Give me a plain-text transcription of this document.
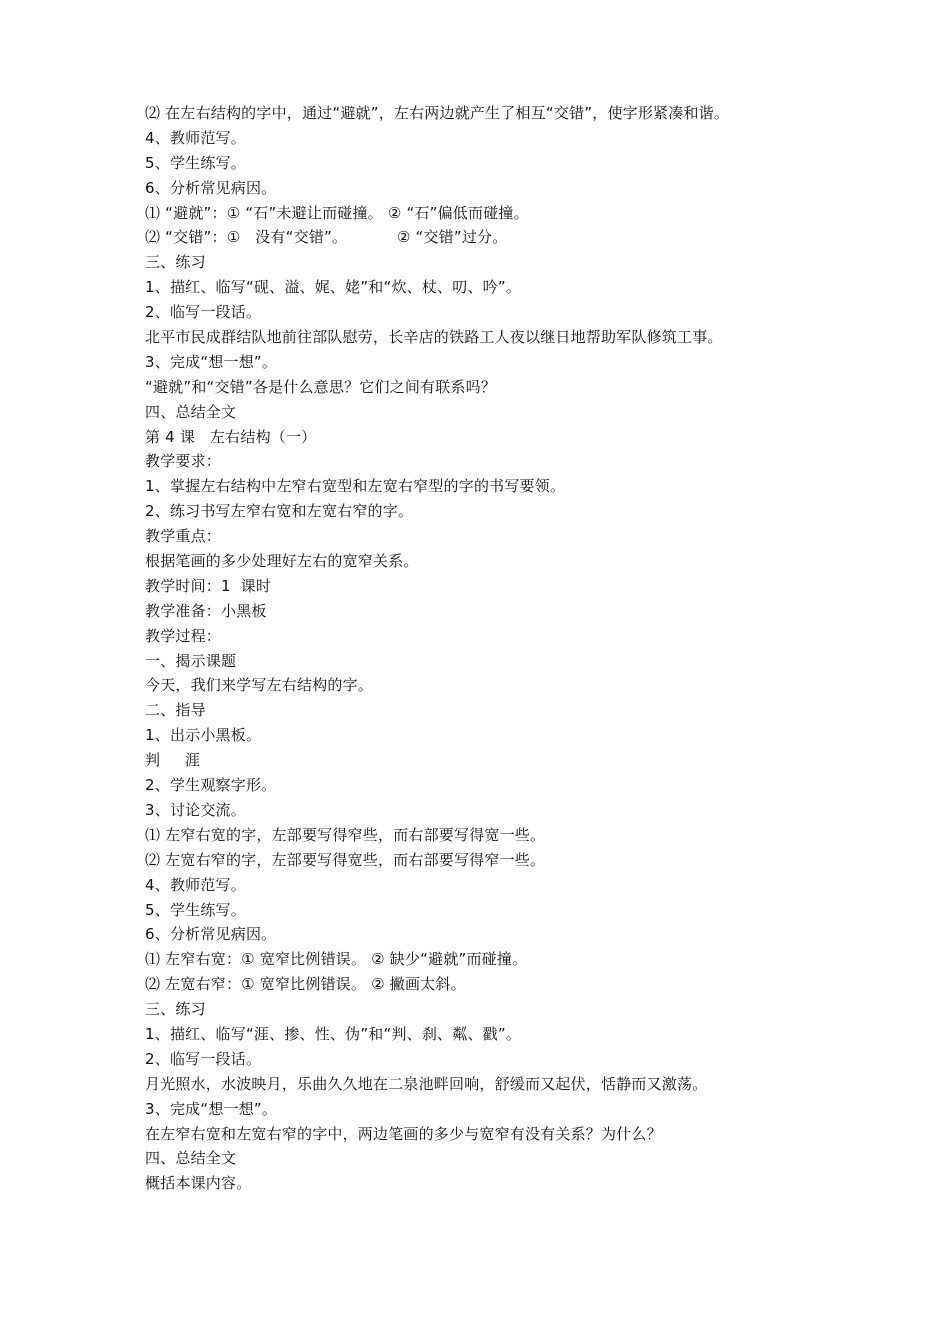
⑵ 在左右结构的字中，通过“避就”，左右两边就产生了相互“交错”，使字形紧凑和谐。
4、教师范写。
5、学生练写。
6、分析常见病因。
⑴ “避就”：① “石”未避让而碰撞。 ② “石”偏低而碰撞。
⑵ “交错”：①   没有“交错”。          ② “交错”过分。
三、练习
1、描红、临写“砚、溢、娓、姥”和“炊、杖、叨、吟”。
2、临写一段话。
北平市民成群结队地前往部队慰劳，长辛店的铁路工人夜以继日地帮助军队修筑工事。
3、完成“想一想”。
“避就”和“交错”各是什么意思？它们之间有联系吗？
四、总结全文
第 4 课   左右结构（一）
教学要求：
1、掌握左右结构中左窄右宽型和左宽右窄型的字的书写要领。
2、练习书写左窄右宽和左宽右窄的字。
教学重点：
根据笔画的多少处理好左右的宽窄关系。
教学时间：1  课时
教学准备：小黑板
教学过程：
一、揭示课题
今天，我们来学写左右结构的字。
二、指导
1、出示小黑板。
判     涯
2、学生观察字形。
3、讨论交流。
⑴ 左窄右宽的字，左部要写得窄些，而右部要写得宽一些。
⑵ 左宽右窄的字，左部要写得宽些，而右部要写得窄一些。
4、教师范写。
5、学生练写。
6、分析常见病因。
⑴ 左窄右宽：① 宽窄比例错误。 ② 缺少“避就”而碰撞。
⑵ 左宽右窄：① 宽窄比例错误。 ② 撇画太斜。
三、练习
1、描红、临写“涯、掺、性、伪”和“判、刹、粼、戳”。
2、临写一段话。
月光照水，水波映月，乐曲久久地在二泉池畔回响，舒缓而又起伏，恬静而又激荡。
3、完成“想一想”。
在左窄右宽和左宽右窄的字中，两边笔画的多少与宽窄有没有关系？为什么？
四、总结全文
概括本课内容。
